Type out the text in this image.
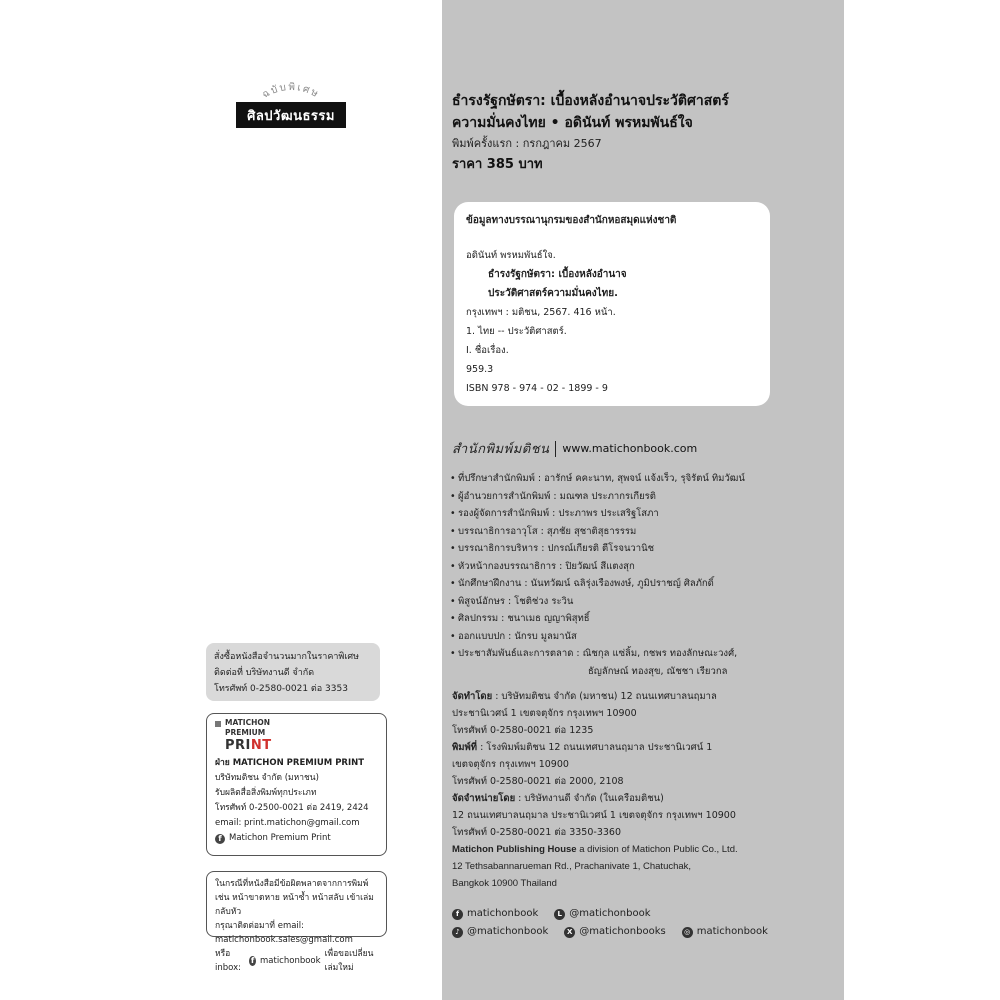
ฉบับพิเศษ
ศิลปวัฒนธรรม
สั่งซื้อหนังสือจำนวนมากในราคาพิเศษ
ติดต่อที่ บริษัทงานดี จำกัด
โทรศัพท์ 0-2580-0021 ต่อ 3353
MATICHON
PREMIUM
PRINT
ฝ่าย MATICHON PREMIUM PRINT
บริษัทมติชน จำกัด (มหาชน)
รับผลิตสื่อสิ่งพิมพ์ทุกประเภท
โทรศัพท์ 0-2500-0021 ต่อ 2419, 2424
email: print.matichon@gmail.com
f Matichon Premium Print
ในกรณีที่หนังสือมีข้อผิดพลาดจากการพิมพ์
เช่น หน้าขาดหาย หน้าซ้ำ หน้าสลับ เข้าเล่มกลับหัว
กรุณาติดต่อมาที่ email: matichonbook.sales@gmail.com
หรือ inbox:
f matichonbook
เพื่อขอเปลี่ยนเล่มใหม่
ธำรงรัฐกษัตรา: เบื้องหลังอำนาจประวัติศาสตร์
ความมั่นคงไทย • อดินันท์ พรหมพันธ์ใจ
พิมพ์ครั้งแรก : กรกฎาคม 2567
ราคา 385 บาท
ข้อมูลทางบรรณานุกรมของสำนักหอสมุดแห่งชาติ
อดินันท์ พรหมพันธ์ใจ.
ธำรงรัฐกษัตรา: เบื้องหลังอำนาจ
ประวัติศาสตร์ความมั่นคงไทย.
กรุงเทพฯ : มติชน, 2567. 416 หน้า.
1. ไทย -- ประวัติศาสตร์.
I. ชื่อเรื่อง.
959.3
ISBN 978 - 974 - 02 - 1899 - 9
สำนักพิมพ์มติชน www.matichonbook.com
• ที่ปรึกษาสำนักพิมพ์ : อารักษ์ คคะนาท, สุพจน์ แจ้งเร็ว, รุจิรัตน์ ทิมวัฒน์
• ผู้อำนวยการสำนักพิมพ์ : มณฑล ประภากรเกียรติ
• รองผู้จัดการสำนักพิมพ์ : ประภาพร ประเสริฐโสภา
• บรรณาธิการอาวุโส : สุภชัย สุชาติสุธารรรม
• บรรณาธิการบริหาร : ปกรณ์เกียรติ ตีโรจนวานิช
• หัวหน้ากองบรรณาธิการ : ปิยวัฒน์ สีแตงสุก
• นักศึกษาฝึกงาน : นันทวัฒน์ ฉลิรุ่งเรืองพงษ์, ภูมิปราชญ์ ศิลภักดิ์
• พิสูจน์อักษร : โชติช่วง ระวิน
• ศิลปกรรม : ชนาเมธ ญญาพิสุทธิ์
• ออกแบบปก : นักรบ มูลมานัส
• ประชาสัมพันธ์และการตลาด : ณิชกุล แซ่ลิ้ม, กชพร ทองลักษณะวงศ์,
ธัญลักษณ์ ทองสุข, ณัชชา เรียวกล
จัดทำโดย : บริษัทมติชน จำกัด (มหาชน) 12 ถนนเทศบาลนฤมาล
ประชานิเวศน์ 1 เขตจตุจักร กรุงเทพฯ 10900
โทรศัพท์ 0-2580-0021 ต่อ 1235
พิมพ์ที่ : โรงพิมพ์มติชน 12 ถนนเทศบาลนฤมาล ประชานิเวศน์ 1
เขตจตุจักร กรุงเทพฯ 10900
โทรศัพท์ 0-2580-0021 ต่อ 2000, 2108
จัดจำหน่ายโดย : บริษัทงานดี จำกัด (ในเครือมติชน)
12 ถนนเทศบาลนฤมาล ประชานิเวศน์ 1 เขตจตุจักร กรุงเทพฯ 10900
โทรศัพท์ 0-2580-0021 ต่อ 3350-3360
Matichon Publishing House a division of Matichon Public Co., Ltd.
12 Tethsabannarueman Rd., Prachanivate 1, Chatuchak,
Bangkok 10900 Thailand
f matichonbook	L @matichonbook
♪ @matichonbook	X @matichonbooks	◎ matichonbook
